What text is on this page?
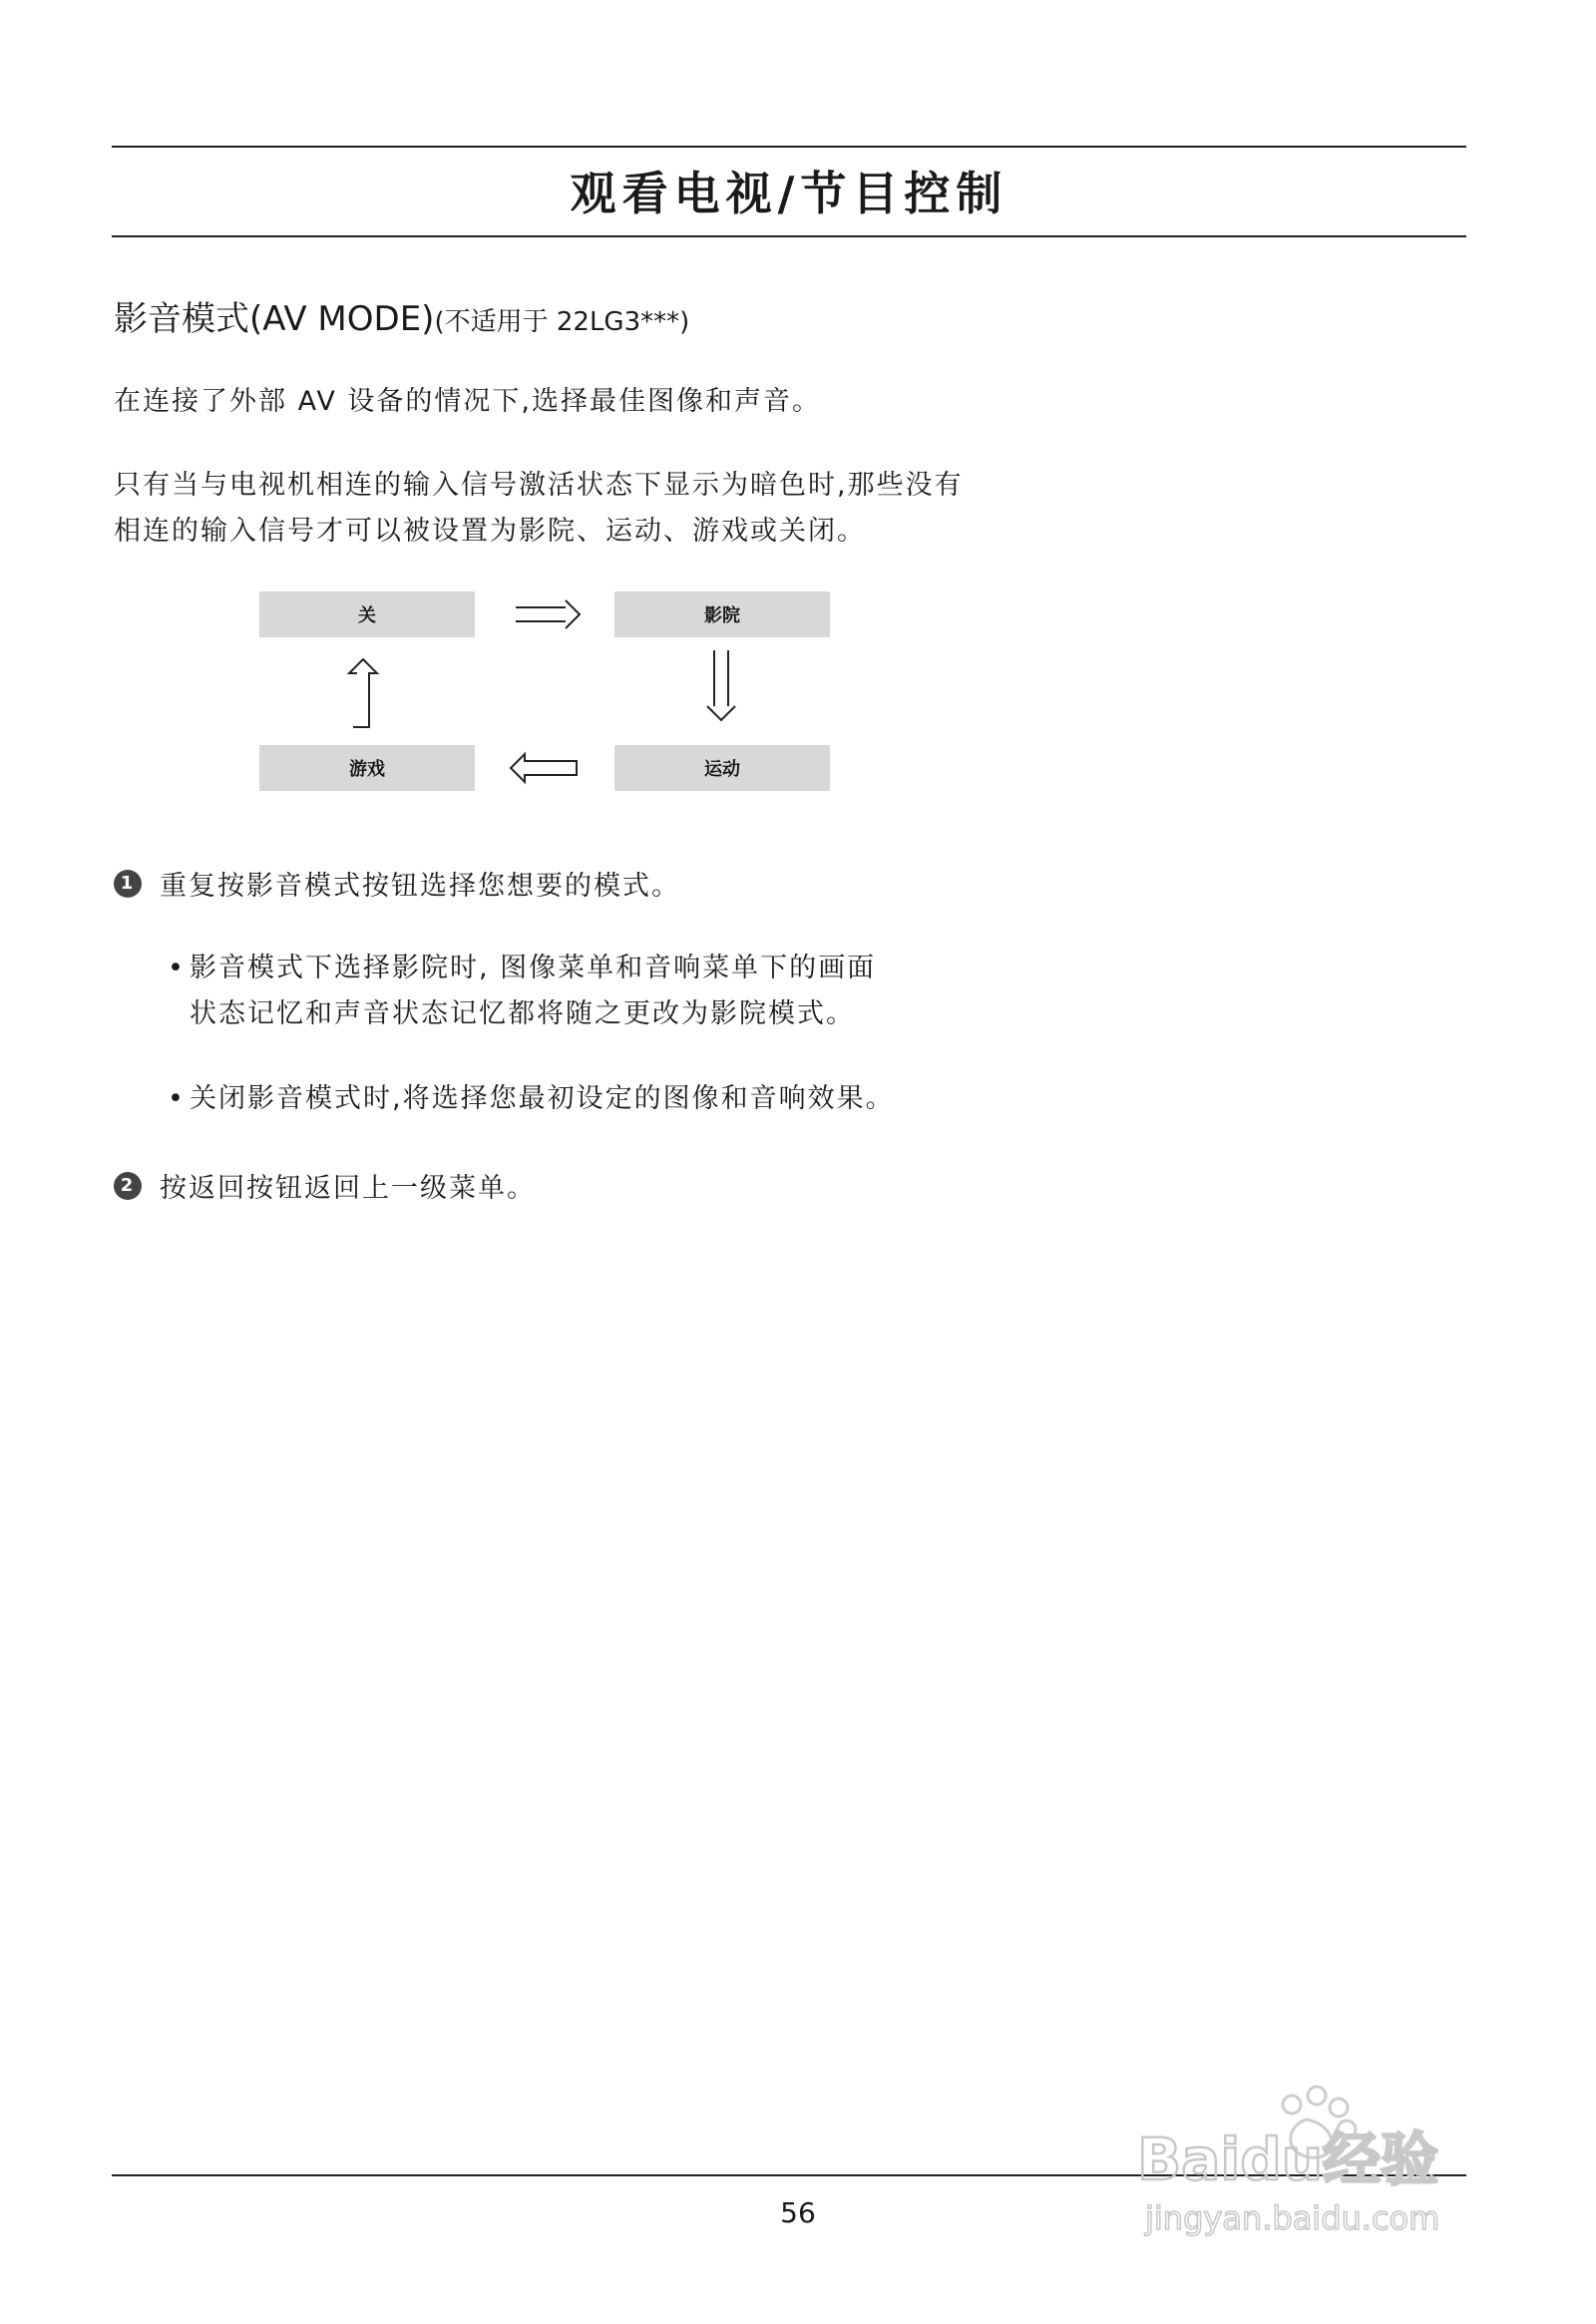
观看电视/节目控制
影音模式(AV MODE)(不适用于 22LG3***)

在连接了外部 AV 设备的情况下,选择最佳图像和声音。

只有当与电视机相连的输入信号激活状态下显示为暗色时,那些没有
相连的输入信号才可以被设置为影院、运动、游戏或关闭。

关	影院
游戏	运动
1 重复按影音模式按钮选择您想要的模式。
• 影音模式下选择影院时, 图像菜单和音响菜单下的画面
状态记忆和声音状态记忆都将随之更改为影院模式。
• 关闭影音模式时,将选择您最初设定的图像和音响效果。
2 按返回按钮返回上一级菜单。
56
Baidu经验
jingyan.baidu.com
